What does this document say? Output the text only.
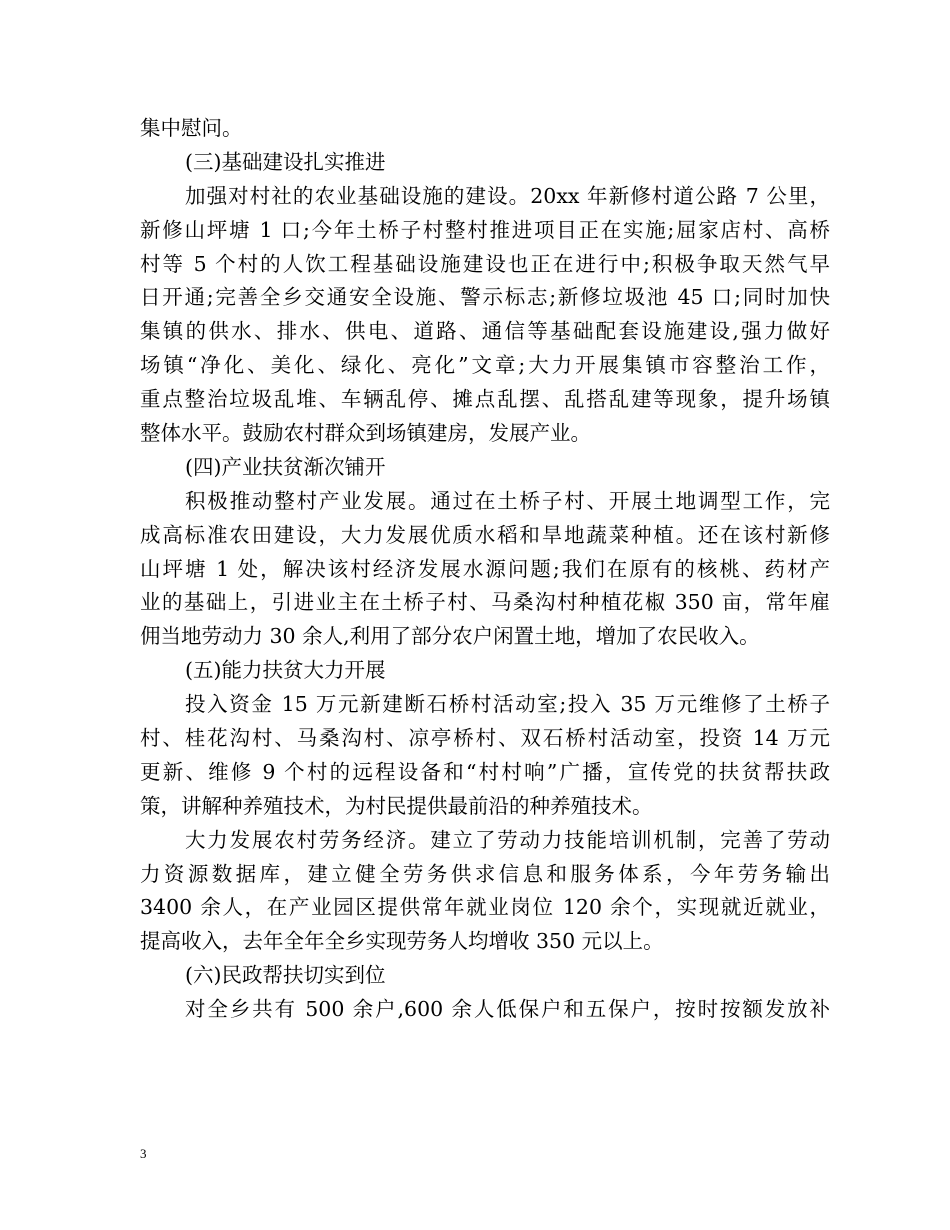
集中慰问。
(三)基础建设扎实推进
加强对村社的农业基础设施的建设。20xx 年新修村道公路 7 公里，
新修山坪塘 1 口;今年土桥子村整村推进项目正在实施;屈家店村、高桥
村等 5 个村的人饮工程基础设施建设也正在进行中;积极争取天然气早
日开通;完善全乡交通安全设施、警示标志;新修垃圾池 45 口;同时加快
集镇的供水、排水、供电、道路、通信等基础配套设施建设,强力做好
场镇“净化、美化、绿化、亮化”文章;大力开展集镇市容整治工作，
重点整治垃圾乱堆、车辆乱停、摊点乱摆、乱搭乱建等现象，提升场镇
整体水平。鼓励农村群众到场镇建房，发展产业。
(四)产业扶贫渐次铺开
积极推动整村产业发展。通过在土桥子村、开展土地调型工作，完
成高标准农田建设，大力发展优质水稻和旱地蔬菜种植。还在该村新修
山坪塘 1 处，解决该村经济发展水源问题;我们在原有的核桃、药材产
业的基础上，引进业主在土桥子村、马桑沟村种植花椒 350 亩，常年雇
佣当地劳动力 30 余人,利用了部分农户闲置土地，增加了农民收入。
(五)能力扶贫大力开展
投入资金 15 万元新建断石桥村活动室;投入 35 万元维修了土桥子
村、桂花沟村、马桑沟村、凉亭桥村、双石桥村活动室，投资 14 万元
更新、维修 9 个村的远程设备和“村村响”广播，宣传党的扶贫帮扶政
策，讲解种养殖技术，为村民提供最前沿的种养殖技术。
大力发展农村劳务经济。建立了劳动力技能培训机制，完善了劳动
力资源数据库，建立健全劳务供求信息和服务体系，今年劳务输出
3400 余人，在产业园区提供常年就业岗位 120 余个，实现就近就业，
提高收入，去年全年全乡实现劳务人均增收 350 元以上。
(六)民政帮扶切实到位
对全乡共有 500 余户,600 余人低保户和五保户，按时按额发放补
3
